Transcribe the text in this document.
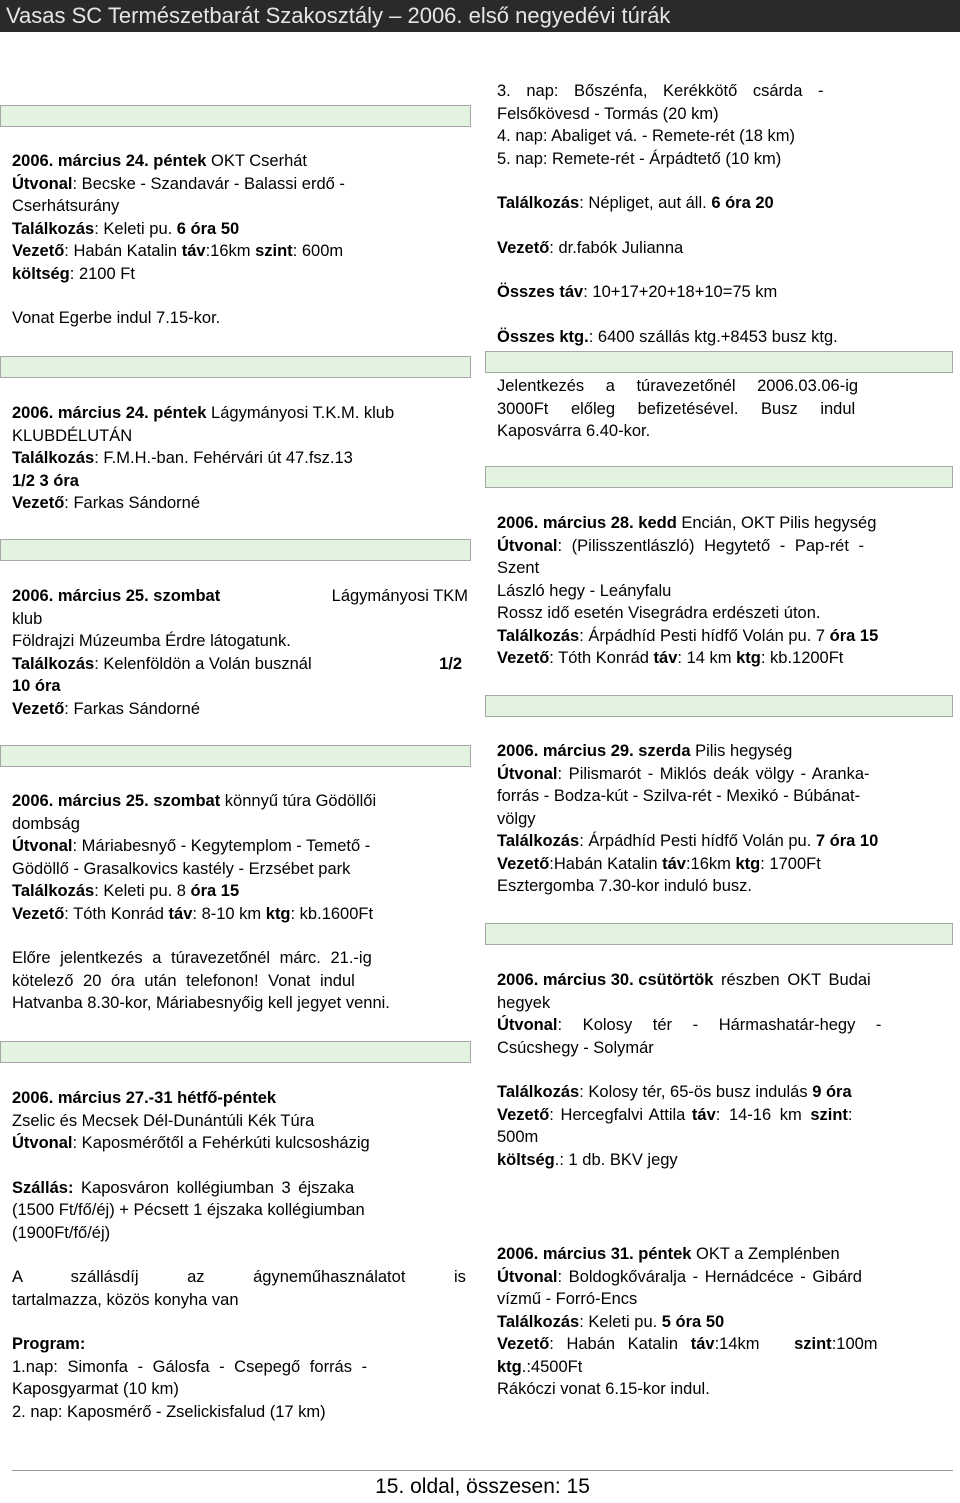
Vasas SC Természetbarát Szakosztály – 2006. első negyedévi túrák
2006. március 24. péntek OKT Cserhát
Útvonal: Becske - Szandavár - Balassi erdő -
Cserhátsurány
Találkozás: Keleti pu. 6 óra 50
Vezető: Habán Katalin táv:16km szint: 600m
költség: 2100 Ft
Vonat Egerbe indul 7.15-kor.
2006. március 24. péntek Lágymányosi T.K.M. klub
KLUBDÉLUTÁN
Találkozás: F.M.H.-ban. Fehérvári út 47.fsz.13
1/2 3 óra
Vezető: Farkas Sándorné
2006. március 25. szombat	Lágymányosi TKM
klub
Földrajzi Múzeumba Érdre látogatunk.
Találkozás: Kelenföldön a Volán busznál	1/2
10 óra
Vezető: Farkas Sándorné
2006. március 25. szombat könnyű túra Gödöllői
dombság
Útvonal: Máriabesnyő - Kegytemplom - Temető -
Gödöllő - Grasalkovics kastély - Erzsébet park
Találkozás: Keleti pu. 8 óra 15
Vezető: Tóth Konrád táv: 8-10 km ktg: kb.1600Ft
Előre jelentkezés a túravezetőnél márc. 21.-ig
kötelező 20 óra után telefonon! Vonat indul
Hatvanba 8.30-kor, Máriabesnyőig kell jegyet venni.
2006. március 27.-31 hétfő-péntek
Zselic és Mecsek Dél-Dunántúli Kék Túra
Útvonal: Kaposmérőtől a Fehérkúti kulcsosházig
Szállás: Kaposváron kollégiumban 3 éjszaka
(1500 Ft/fő/éj) + Pécsett 1 éjszaka kollégiumban
(1900Ft/fő/éj)
A szállásdíj az ágyneműhasználatot is
tartalmazza, közös konyha van
Program:
1.nap: Simonfa - Gálosfa - Csepegő forrás -
Kaposgyarmat (10 km)
2. nap: Kaposmérő - Zselickisfalud (17 km)
3. nap: Bőszénfa, Kerékkötő csárda -
Felsőkövesd - Tormás (20 km)
4. nap: Abaliget vá. - Remete-rét (18 km)
5. nap: Remete-rét - Árpádtető (10 km)
Találkozás: Népliget, aut áll. 6 óra 20
Vezető: dr.fabók Julianna
Összes táv: 10+17+20+18+10=75 km
Összes ktg.: 6400 szállás ktg.+8453 busz ktg.
Jelentkezés a túravezetőnél 2006.03.06-ig
3000Ft előleg befizetésével. Busz indul
Kaposvárra 6.40-kor.
2006. március 28. kedd Encián, OKT Pilis hegység
Útvonal: (Pilisszentlászló) Hegytető - Pap-rét -
Szent
László hegy - Leányfalu
Rossz idő esetén Visegrádra erdészeti úton.
Találkozás: Árpádhíd Pesti hídfő Volán pu. 7 óra 15
Vezető: Tóth Konrád táv: 14 km ktg: kb.1200Ft
2006. március 29. szerda Pilis hegység
Útvonal: Pilismarót - Miklós deák völgy - Aranka-
forrás - Bodza-kút - Szilva-rét - Mexikó - Búbánat-
völgy
Találkozás: Árpádhíd Pesti hídfő Volán pu. 7 óra 10
Vezető:Habán Katalin táv:16km ktg: 1700Ft
Esztergomba 7.30-kor induló busz.
2006. március 30. csütörtök részben OKT Budai
hegyek
Útvonal: Kolosy tér - Hármashatár-hegy -
Csúcshegy - Solymár
Találkozás: Kolosy tér, 65-ös busz indulás 9 óra
Vezető: Hercegfalvi Attila táv: 14-16 km szint:
500m
költség.: 1 db. BKV jegy
2006. március 31. péntek OKT a Zemplénben
Útvonal: Boldogkőváralja - Hernádcéce - Gibárd
vízmű - Forró-Encs
Találkozás: Keleti pu. 5 óra 50
Vezető: Habán Katalin táv:14km szint:100m
ktg.:4500Ft
Rákóczi vonat 6.15-kor indul.
15. oldal, összesen: 15
